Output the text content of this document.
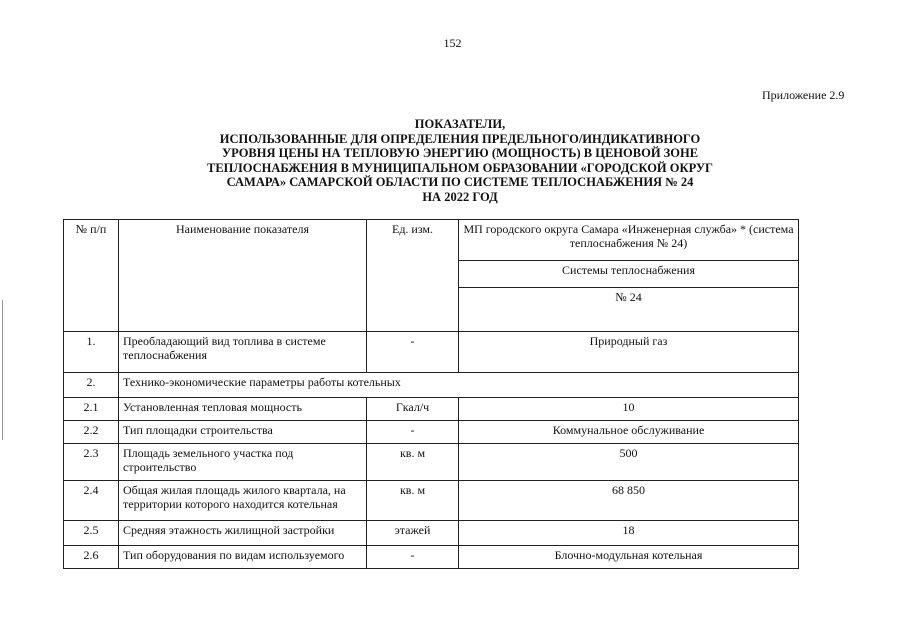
152
Приложение 2.9
ПОКАЗАТЕЛИ,
ИСПОЛЬЗОВАННЫЕ ДЛЯ ОПРЕДЕЛЕНИЯ ПРЕДЕЛЬНОГО/ИНДИКАТИВНОГО
УРОВНЯ ЦЕНЫ НА ТЕПЛОВУЮ ЭНЕРГИЮ (МОЩНОСТЬ) В ЦЕНОВОЙ ЗОНЕ
ТЕПЛОСНАБЖЕНИЯ В МУНИЦИПАЛЬНОМ ОБРАЗОВАНИИ «ГОРОДСКОЙ ОКРУГ
САМАРА» САМАРСКОЙ ОБЛАСТИ ПО СИСТЕМЕ ТЕПЛОСНАБЖЕНИЯ № 24
НА 2022 ГОД
№ п/п	Наименование показателя	Ед. изм.	МП городского округа Самара «Инженерная служба» * (система теплоснабжения № 24)
			Системы теплоснабжения
			№ 24
1.	Преобладающий вид топлива в системе теплоснабжения	-	Природный газ
2.	Технико-экономические параметры работы котельных		
2.1	Установленная тепловая мощность	Гкал/ч	10
2.2	Тип площадки строительства	-	Коммунальное обслуживание
2.3	Площадь земельного участка под строительство	кв. м	500
2.4	Общая жилая площадь жилого квартала, на территории которого находится котельная	кв. м	68 850
2.5	Средняя этажность жилищной застройки	этажей	18
2.6	Тип оборудования по видам используемого	-	Блочно-модульная котельная
